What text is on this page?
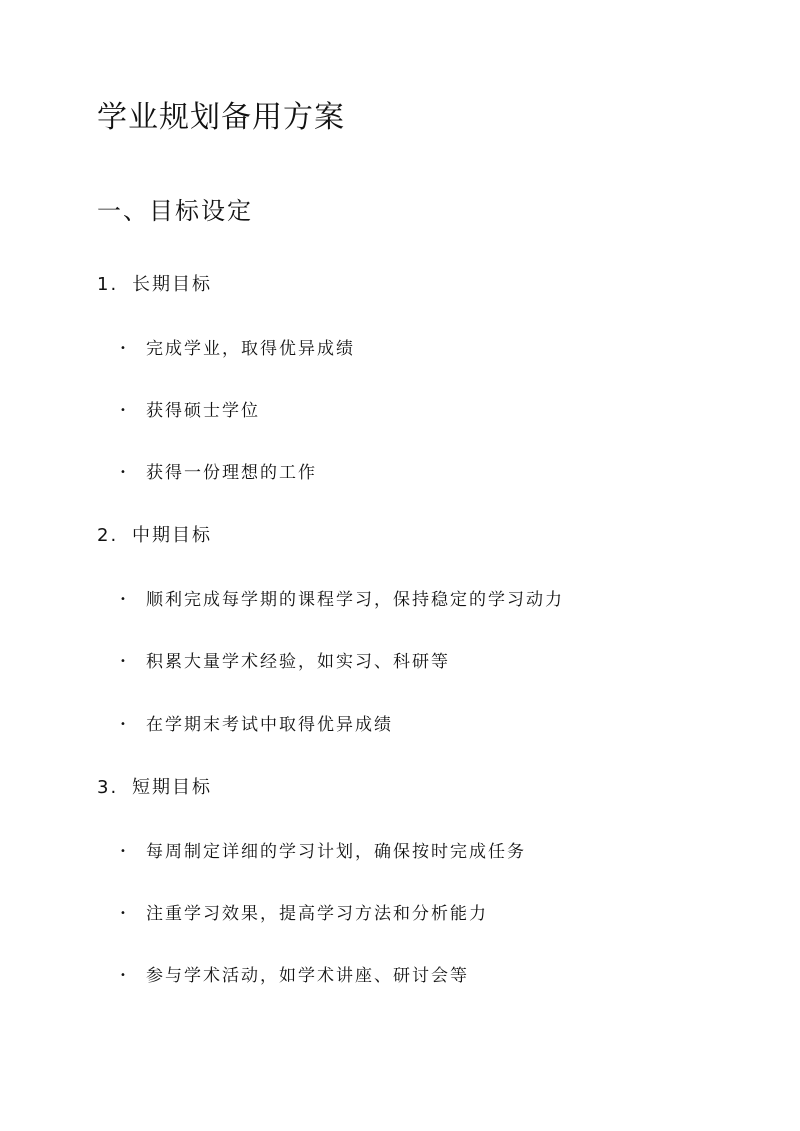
学业规划备用方案
一、目标设定
1. 长期目标
• 完成学业，取得优异成绩
• 获得硕士学位
• 获得一份理想的工作
2. 中期目标
• 顺利完成每学期的课程学习，保持稳定的学习动力
• 积累大量学术经验，如实习、科研等
• 在学期末考试中取得优异成绩
3. 短期目标
• 每周制定详细的学习计划，确保按时完成任务
• 注重学习效果，提高学习方法和分析能力
• 参与学术活动，如学术讲座、研讨会等
